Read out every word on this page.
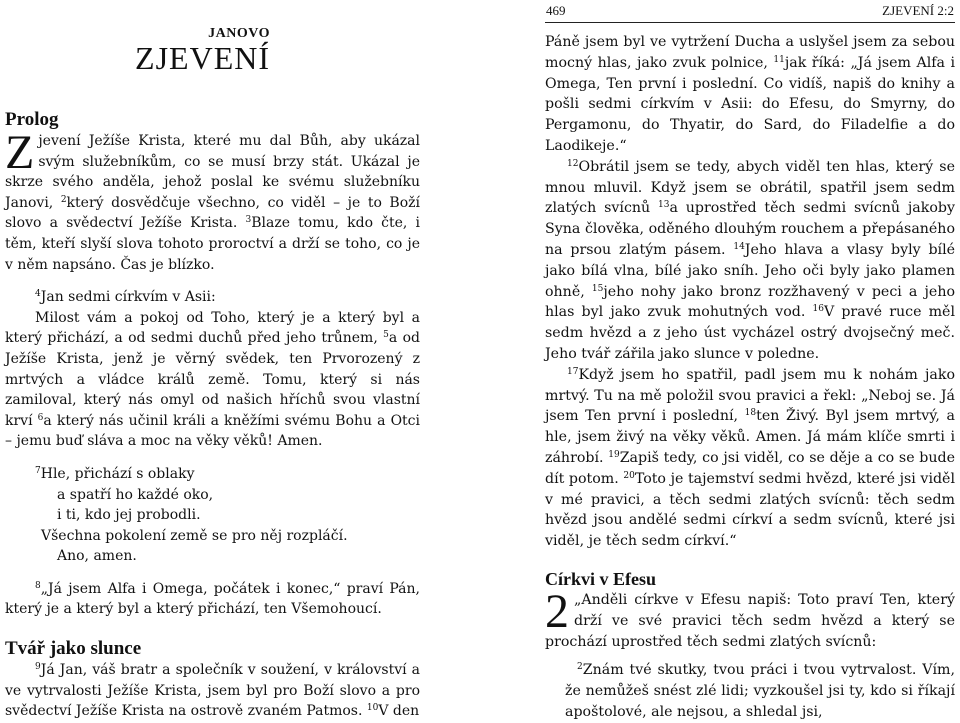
JANOVO

ZJEVENÍ

Prolog

Zjevení Ježíše Krista, které mu dal Bůh, aby ukázal svým služebníkům, co se musí brzy stát. Ukázal je skrze svého anděla, jehož poslal ke svému služebníku Janovi, $^2$který dosvědčuje všechno, co viděl – je to Boží slovo a svědectví Ježíše Krista. $^3$Blaze tomu, kdo čte, i těm, kteří slyší slova tohoto proroctví a drží se toho, co je v něm napsáno. Čas je blízko.

$^4$Jan sedmi církvím v Asii:

Milost vám a pokoj od Toho, který je a který byl a který přichází, a od sedmi duchů před jeho trůnem, $^5$a od Ježíše Krista, jenž je věrný svědek, ten Prvorozený z mrtvých a vládce králů země. Tomu, který si nás zamiloval, který nás omyl od našich hříchů svou vlastní krví $^6$a který nás učinil králi a kněžími svému Bohu a Otci – jemu buď sláva a moc na věky věků! Amen.

$^7$Hle, přichází s oblaky

a spatří ho každé oko,

i ti, kdo jej probodli.

Všechna pokolení země se pro něj rozpláčí.

Ano, amen.

$^8$„Já jsem Alfa i Omega, počátek i konec,“ praví Pán, který je a který byl a který přichází, ten Všemohoucí.

Tvář jako slunce

$^9$Já Jan, váš bratr a společník v soužení, v království a ve vytrvalosti Ježíše Krista, jsem byl pro Boží slovo a pro svědectví Ježíše Krista na ostrově zvaném Patmos. $^{10}$V den

469	ZJEVENÍ 2:2

Páně jsem byl ve vytržení Ducha a uslyšel jsem za sebou mocný hlas, jako zvuk polnice, $^{11}$jak říká: „Já jsem Alfa i Omega, Ten první i poslední. Co vidíš, napiš do knihy a pošli sedmi církvím v Asii: do Efesu, do Smyrny, do Pergamonu, do Thyatir, do Sard, do Filadelfie a do Laodikeje.“

$^{12}$Obrátil jsem se tedy, abych viděl ten hlas, který se mnou mluvil. Když jsem se obrátil, spatřil jsem sedm zlatých svícnů $^{13}$a uprostřed těch sedmi svícnů jakoby Syna člověka, oděného dlouhým rouchem a přepásaného na prsou zlatým pásem. $^{14}$Jeho hlava a vlasy byly bílé jako bílá vlna, bílé jako sníh. Jeho oči byly jako plamen ohně, $^{15}$jeho nohy jako bronz rozžhavený v peci a jeho hlas byl jako zvuk mohutných vod. $^{16}$V pravé ruce měl sedm hvězd a z jeho úst vycházel ostrý dvojsečný meč. Jeho tvář zářila jako slunce v poledne.

$^{17}$Když jsem ho spatřil, padl jsem mu k nohám jako mrtvý. Tu na mě položil svou pravici a řekl: „Neboj se. Já jsem Ten první i poslední, $^{18}$ten Živý. Byl jsem mrtvý, a hle, jsem živý na věky věků. Amen. Já mám klíče smrti i záhrobí. $^{19}$Zapiš tedy, co jsi viděl, co se děje a co se bude dít potom. $^{20}$Toto je tajemství sedmi hvězd, které jsi viděl v mé pravici, a těch sedmi zlatých svícnů: těch sedm hvězd jsou andělé sedmi církví a sedm svícnů, které jsi viděl, je těch sedm církví.“

Církvi v Efesu

2 „Anděli církve v Efesu napiš: Toto praví Ten, který drží ve své pravici těch sedm hvězd a který se prochází uprostřed těch sedmi zlatých svícnů:

$^2$Znám tvé skutky, tvou práci i tvou vytrvalost. Vím, že nemůžeš snést zlé lidi; vyzkoušel jsi ty, kdo si říkají apoštolové, ale nejsou, a shledal jsi,
